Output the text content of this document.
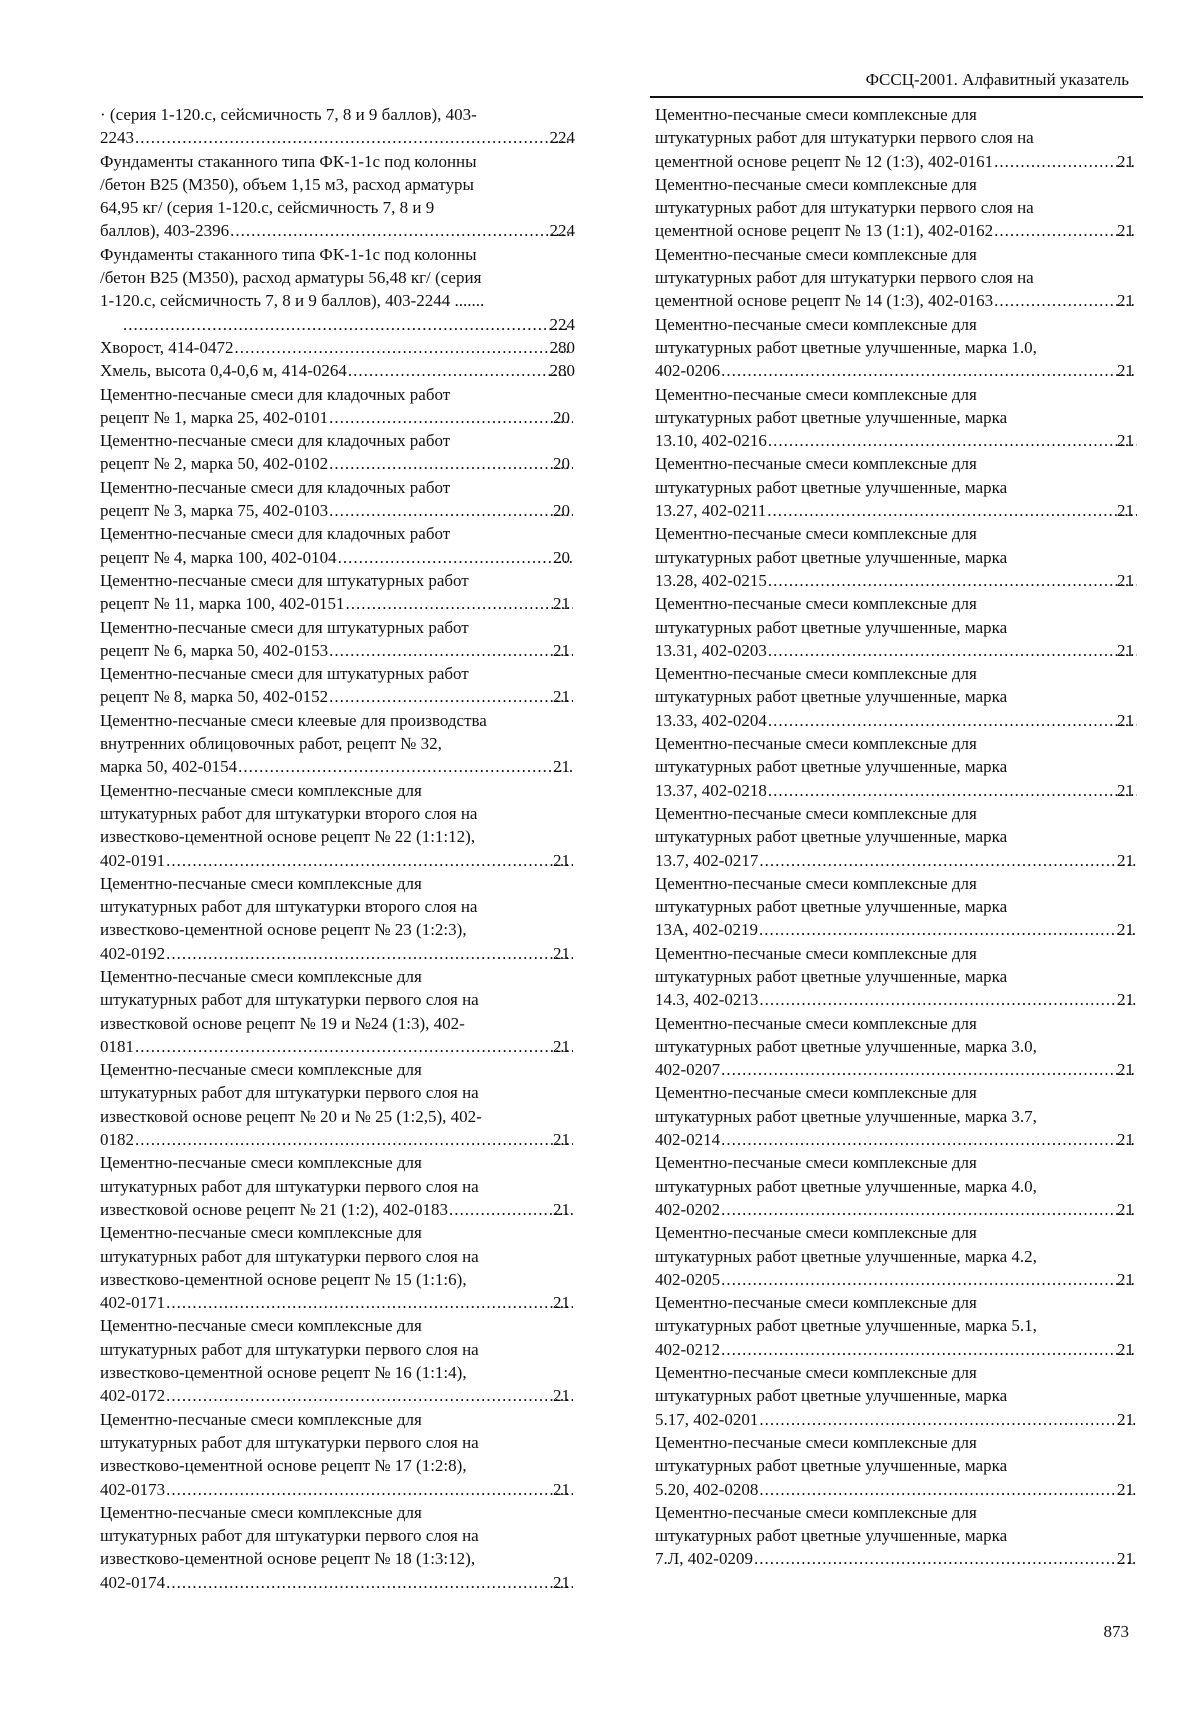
ФССЦ-2001. Алфавитный указатель

· (серия 1-120.с, сейсмичность 7, 8 и 9 баллов), 403-
2243 .....	224

Фундаменты стаканного типа ФК-1-1с под колонны
/бетон В25 (М350), объем 1,15 м3, расход арматуры
64,95 кг/ (серия 1-120.с, сейсмичность 7, 8 и 9
баллов), 403-2396 .....	224

Фундаменты стаканного типа ФК-1-1с под колонны
/бетон В25 (М350), расход арматуры 56,48 кг/ (серия
1-120.с, сейсмичность 7, 8 и 9 баллов), 403-2244 .......
.....
224

Хворост, 414-0472 .....	280

Хмель, высота 0,4-0,6 м, 414-0264 .....	280

Цементно-песчаные смеси для кладочных работ
рецепт № 1, марка 25, 402-0101 .....	20

Цементно-песчаные смеси для кладочных работ
рецепт № 2, марка 50, 402-0102 .....	20

Цементно-песчаные смеси для кладочных работ
рецепт № 3, марка 75, 402-0103 .....	20

Цементно-песчаные смеси для кладочных работ
рецепт № 4, марка 100, 402-0104 .....	20

Цементно-песчаные смеси для штукатурных работ
рецепт № 11, марка 100, 402-0151 .....	21

Цементно-песчаные смеси для штукатурных работ
рецепт № 6, марка 50, 402-0153 .....	21

Цементно-песчаные смеси для штукатурных работ
рецепт № 8, марка 50, 402-0152 .....	21

Цементно-песчаные смеси клеевые для производства
внутренних облицовочных работ, рецепт № 32,
марка 50, 402-0154 .....	21

Цементно-песчаные смеси комплексные для
штукатурных работ для штукатурки второго слоя на
известково-цементной основе рецепт № 22 (1:1:12),
402-0191 .....	21

Цементно-песчаные смеси комплексные для
штукатурных работ для штукатурки второго слоя на
известково-цементной основе рецепт № 23 (1:2:3),
402-0192 .....	21

Цементно-песчаные смеси комплексные для
штукатурных работ для штукатурки первого слоя на
известковой основе рецепт № 19 и №24 (1:3), 402-
0181 .....	21

Цементно-песчаные смеси комплексные для
штукатурных работ для штукатурки первого слоя на
известковой основе рецепт № 20 и № 25 (1:2,5), 402-
0182 .....	21

Цементно-песчаные смеси комплексные для
штукатурных работ для штукатурки первого слоя на
известковой основе рецепт № 21 (1:2), 402-0183 .....	21

Цементно-песчаные смеси комплексные для
штукатурных работ для штукатурки первого слоя на
известково-цементной основе рецепт № 15 (1:1:6),
402-0171 .....	21

Цементно-песчаные смеси комплексные для
штукатурных работ для штукатурки первого слоя на
известково-цементной основе рецепт № 16 (1:1:4),
402-0172 .....	21

Цементно-песчаные смеси комплексные для
штукатурных работ для штукатурки первого слоя на
известково-цементной основе рецепт № 17 (1:2:8),
402-0173 .....	21

Цементно-песчаные смеси комплексные для
штукатурных работ для штукатурки первого слоя на
известково-цементной основе рецепт № 18 (1:3:12),
402-0174 .....	21

Цементно-песчаные смеси комплексные для
штукатурных работ для штукатурки первого слоя на
цементной основе рецепт № 12 (1:3), 402-0161 .....	21

Цементно-песчаные смеси комплексные для
штукатурных работ для штукатурки первого слоя на
цементной основе рецепт № 13 (1:1), 402-0162 .....	21

Цементно-песчаные смеси комплексные для
штукатурных работ для штукатурки первого слоя на
цементной основе рецепт № 14 (1:3), 402-0163 .....	21

Цементно-песчаные смеси комплексные для
штукатурных работ цветные улучшенные, марка 1.0,
402-0206 .....	21

Цементно-песчаные смеси комплексные для
штукатурных работ цветные улучшенные, марка
13.10, 402-0216 .....	21

Цементно-песчаные смеси комплексные для
штукатурных работ цветные улучшенные, марка
13.27, 402-0211 .....	21

Цементно-песчаные смеси комплексные для
штукатурных работ цветные улучшенные, марка
13.28, 402-0215 .....	21

Цементно-песчаные смеси комплексные для
штукатурных работ цветные улучшенные, марка
13.31, 402-0203 .....	21

Цементно-песчаные смеси комплексные для
штукатурных работ цветные улучшенные, марка
13.33, 402-0204 .....	21

Цементно-песчаные смеси комплексные для
штукатурных работ цветные улучшенные, марка
13.37, 402-0218 .....	21

Цементно-песчаные смеси комплексные для
штукатурных работ цветные улучшенные, марка
13.7, 402-0217 .....	21

Цементно-песчаные смеси комплексные для
штукатурных работ цветные улучшенные, марка
13А, 402-0219 .....	21

Цементно-песчаные смеси комплексные для
штукатурных работ цветные улучшенные, марка
14.3, 402-0213 .....	21

Цементно-песчаные смеси комплексные для
штукатурных работ цветные улучшенные, марка 3.0,
402-0207 .....	21

Цементно-песчаные смеси комплексные для
штукатурных работ цветные улучшенные, марка 3.7,
402-0214 .....	21

Цементно-песчаные смеси комплексные для
штукатурных работ цветные улучшенные, марка 4.0,
402-0202 .....	21

Цементно-песчаные смеси комплексные для
штукатурных работ цветные улучшенные, марка 4.2,
402-0205 .....	21

Цементно-песчаные смеси комплексные для
штукатурных работ цветные улучшенные, марка 5.1,
402-0212 .....	21

Цементно-песчаные смеси комплексные для
штукатурных работ цветные улучшенные, марка
5.17, 402-0201 .....	21

Цементно-песчаные смеси комплексные для
штукатурных работ цветные улучшенные, марка
5.20, 402-0208 .....	21

Цементно-песчаные смеси комплексные для
штукатурных работ цветные улучшенные, марка
7.Л, 402-0209 .....	21

873
